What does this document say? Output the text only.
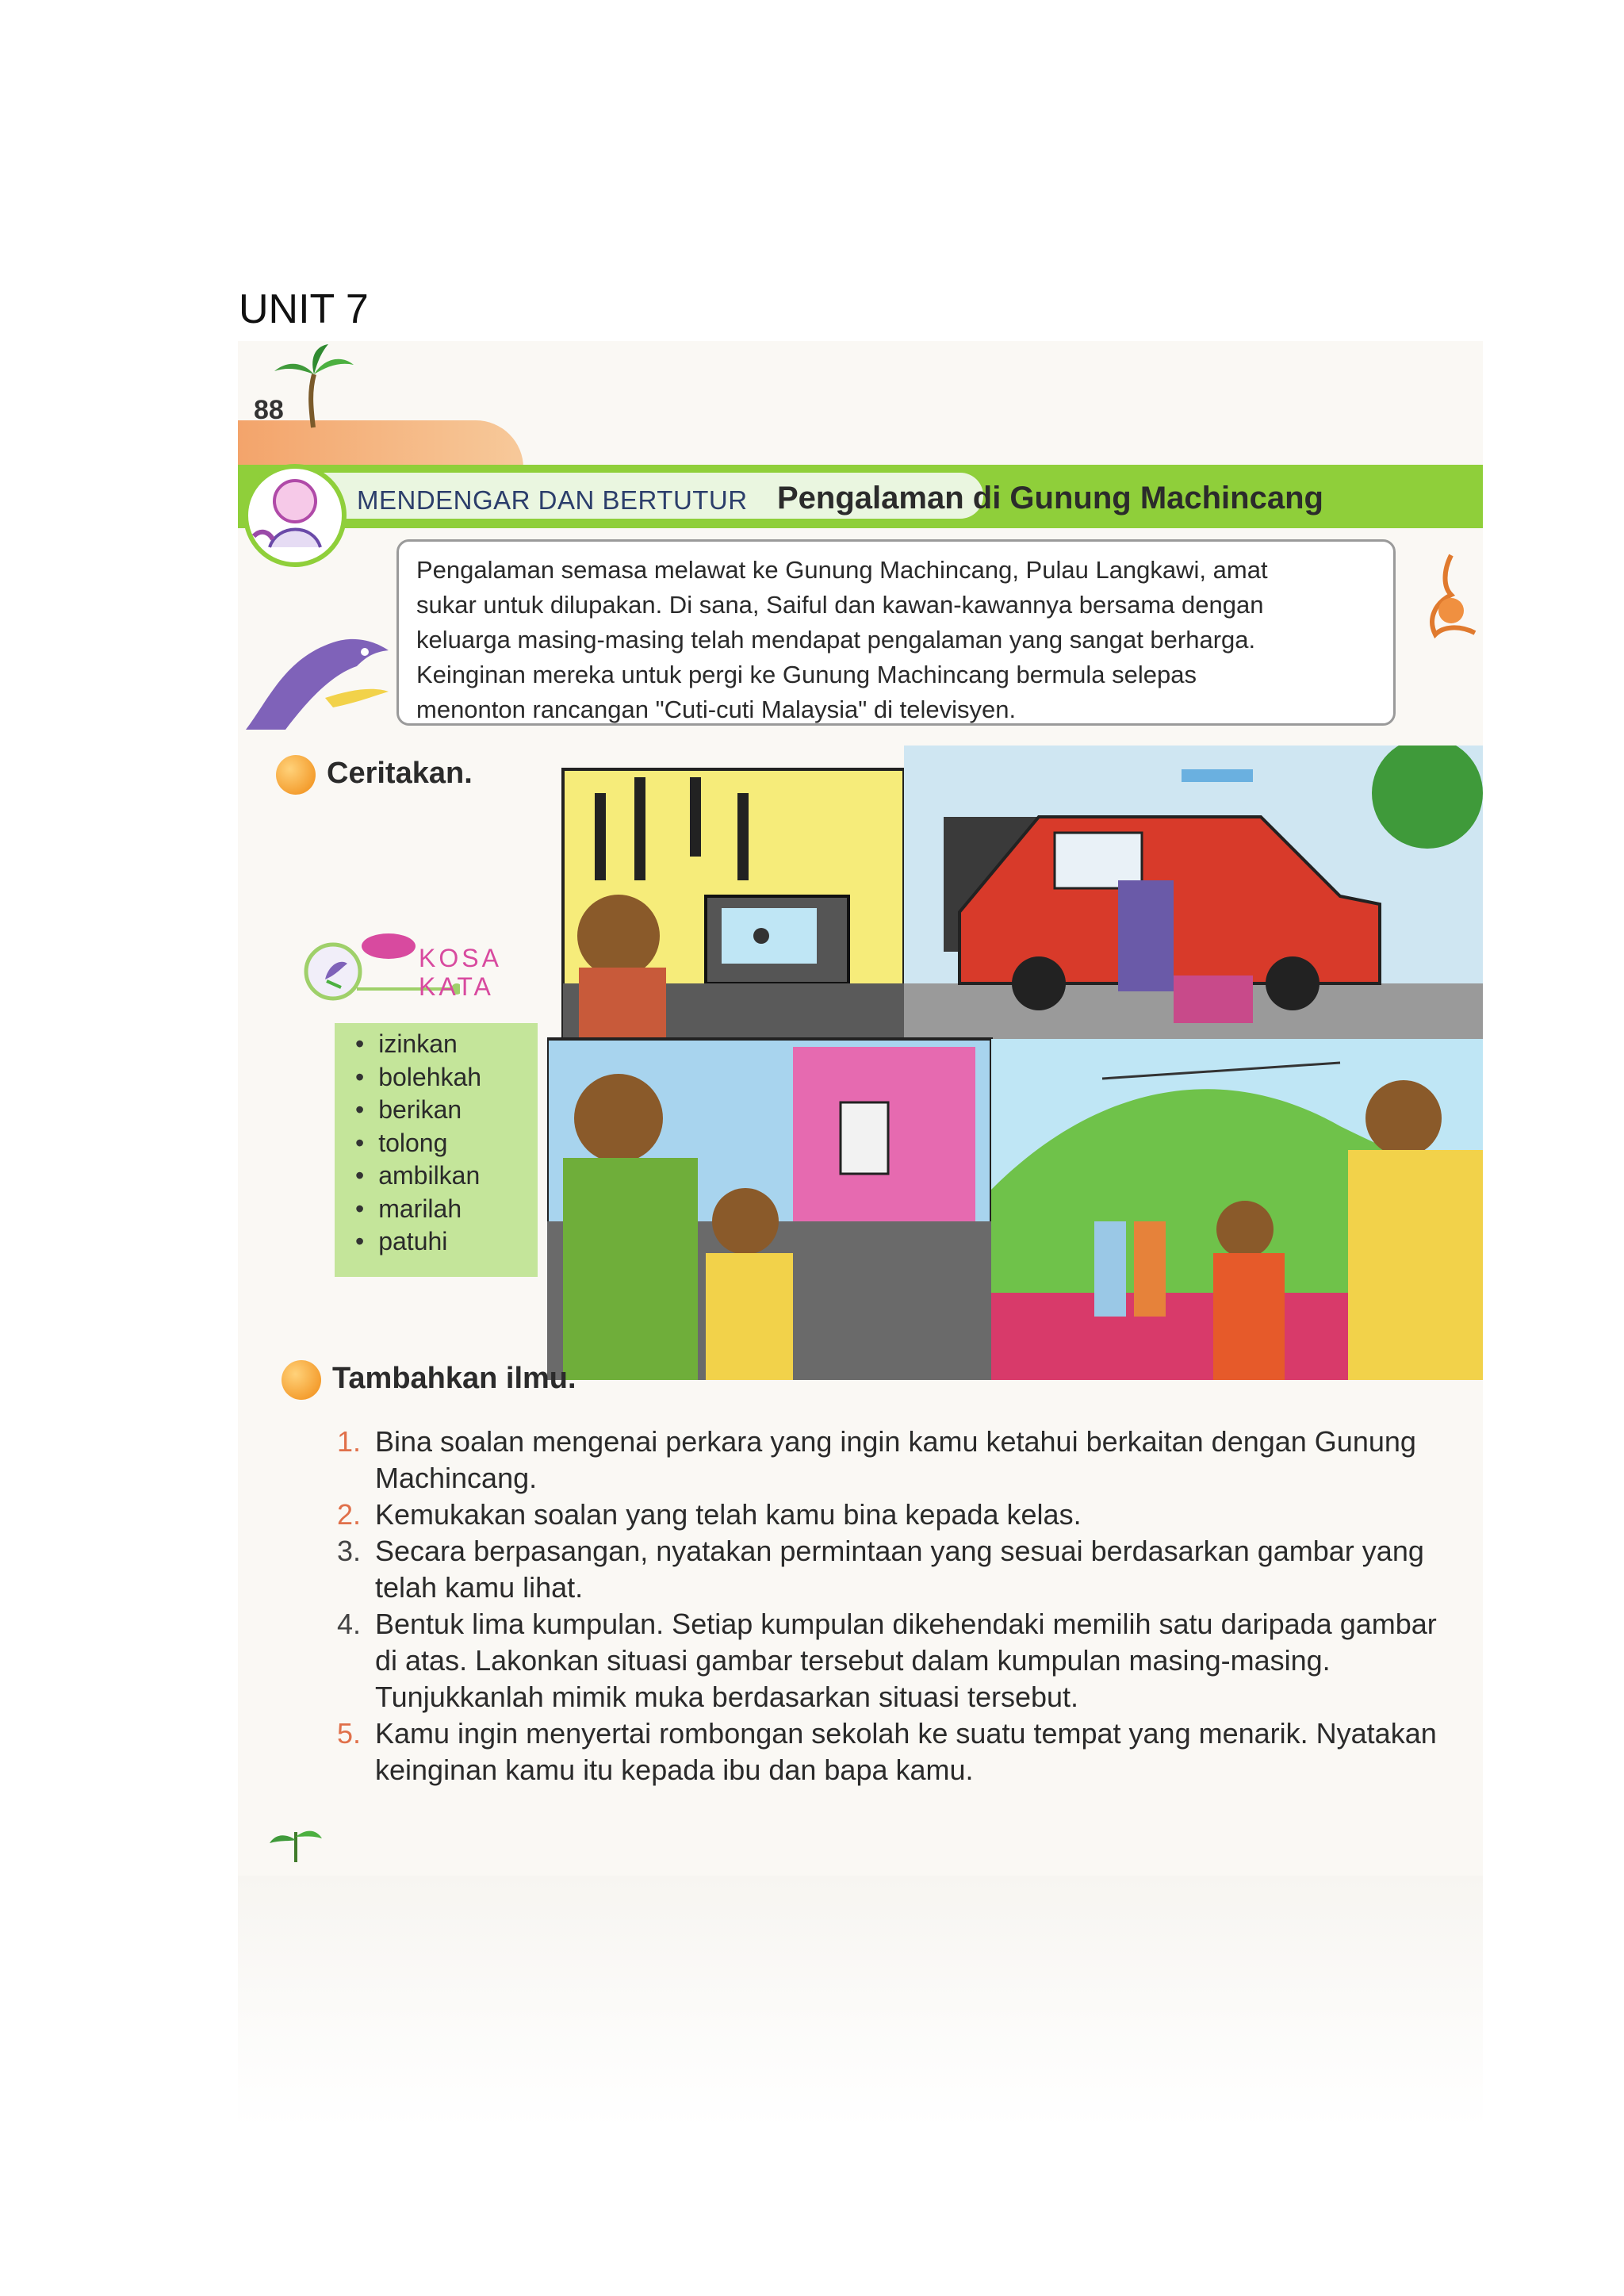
UNIT 7
88
MENDENGAR DAN BERTUTUR Pengalaman di Gunung Machincang
Pengalaman semasa melawat ke Gunung Machincang, Pulau Langkawi, amat
sukar untuk dilupakan. Di sana, Saiful dan kawan-kawannya bersama dengan
keluarga masing-masing telah mendapat pengalaman yang sangat berharga.
Keinginan mereka untuk pergi ke Gunung Machincang bermula selepas
menonton rancangan "Cuti-cuti Malaysia" di televisyen.
Ceritakan.
KOSA
KATA
• izinkan
• bolehkah
• berikan
• tolong
• ambilkan
• marilah
• patuhi
Tambahkan ilmu.
1. Bina soalan mengenai perkara yang ingin kamu ketahui berkaitan dengan Gunung Machincang.
2. Kemukakan soalan yang telah kamu bina kepada kelas.
3. Secara berpasangan, nyatakan permintaan yang sesuai berdasarkan gambar yang telah kamu lihat.
4. Bentuk lima kumpulan. Setiap kumpulan dikehendaki memilih satu daripada gambar di atas. Lakonkan situasi gambar tersebut dalam kumpulan masing-masing. Tunjukkanlah mimik muka berdasarkan situasi tersebut.
5. Kamu ingin menyertai rombongan sekolah ke suatu tempat yang menarik. Nyatakan keinginan kamu itu kepada ibu dan bapa kamu.
